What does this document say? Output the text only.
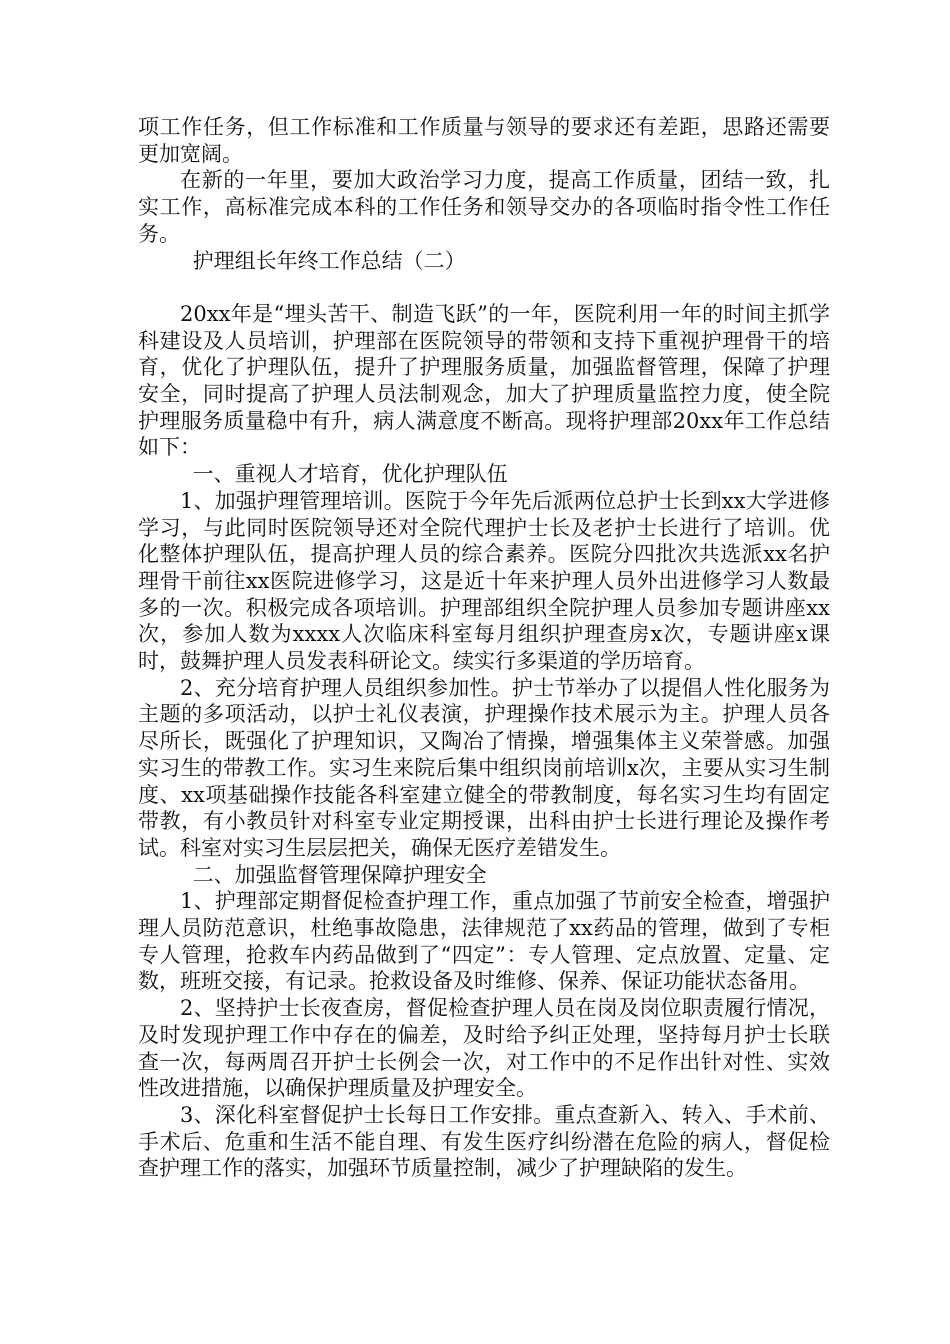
项工作任务，但工作标准和工作质量与领导的要求还有差距，思路还需要更加宽阔。

在新的一年里，要加大政治学习力度，提高工作质量，团结一致，扎实工作，高标准完成本科的工作任务和领导交办的各项临时指令性工作任务。

护理组长年终工作总结（二）

20xx年是“埋头苦干、制造飞跃”的一年，医院利用一年的时间主抓学科建设及人员培训，护理部在医院领导的带领和支持下重视护理骨干的培育，优化了护理队伍，提升了护理服务质量，加强监督管理，保障了护理安全，同时提高了护理人员法制观念，加大了护理质量监控力度，使全院护理服务质量稳中有升，病人满意度不断高。现将护理部20xx年工作总结如下：

一、重视人才培育，优化护理队伍

1、加强护理管理培训。医院于今年先后派两位总护士长到xx大学进修学习，与此同时医院领导还对全院代理护士长及老护士长进行了培训。优化整体护理队伍，提高护理人员的综合素养。医院分四批次共选派xx名护理骨干前往xx医院进修学习，这是近十年来护理人员外出进修学习人数最多的一次。积极完成各项培训。护理部组织全院护理人员参加专题讲座xx次，参加人数为xxxx人次临床科室每月组织护理查房x次，专题讲座x课时，鼓舞护理人员发表科研论文。续实行多渠道的学历培育。

2、充分培育护理人员组织参加性。护士节举办了以提倡人性化服务为主题的多项活动，以护士礼仪表演，护理操作技术展示为主。护理人员各尽所长，既强化了护理知识，又陶冶了情操，增强集体主义荣誉感。加强实习生的带教工作。实习生来院后集中组织岗前培训x次，主要从实习生制度、xx项基础操作技能各科室建立健全的带教制度，每名实习生均有固定带教，有小教员针对科室专业定期授课，出科由护士长进行理论及操作考试。科室对实习生层层把关，确保无医疗差错发生。

二、加强监督管理保障护理安全

1、护理部定期督促检查护理工作，重点加强了节前安全检查，增强护理人员防范意识，杜绝事故隐患，法律规范了xx药品的管理，做到了专柜专人管理，抢救车内药品做到了“四定”：专人管理、定点放置、定量、定数，班班交接，有记录。抢救设备及时维修、保养、保证功能状态备用。

2、坚持护士长夜查房，督促检查护理人员在岗及岗位职责履行情况，及时发现护理工作中存在的偏差，及时给予纠正处理，坚持每月护士长联查一次，每两周召开护士长例会一次，对工作中的不足作出针对性、实效性改进措施，以确保护理质量及护理安全。

3、深化科室督促护士长每日工作安排。重点查新入、转入、手术前、手术后、危重和生活不能自理、有发生医疗纠纷潜在危险的病人，督促检查护理工作的落实，加强环节质量控制，减少了护理缺陷的发生。
